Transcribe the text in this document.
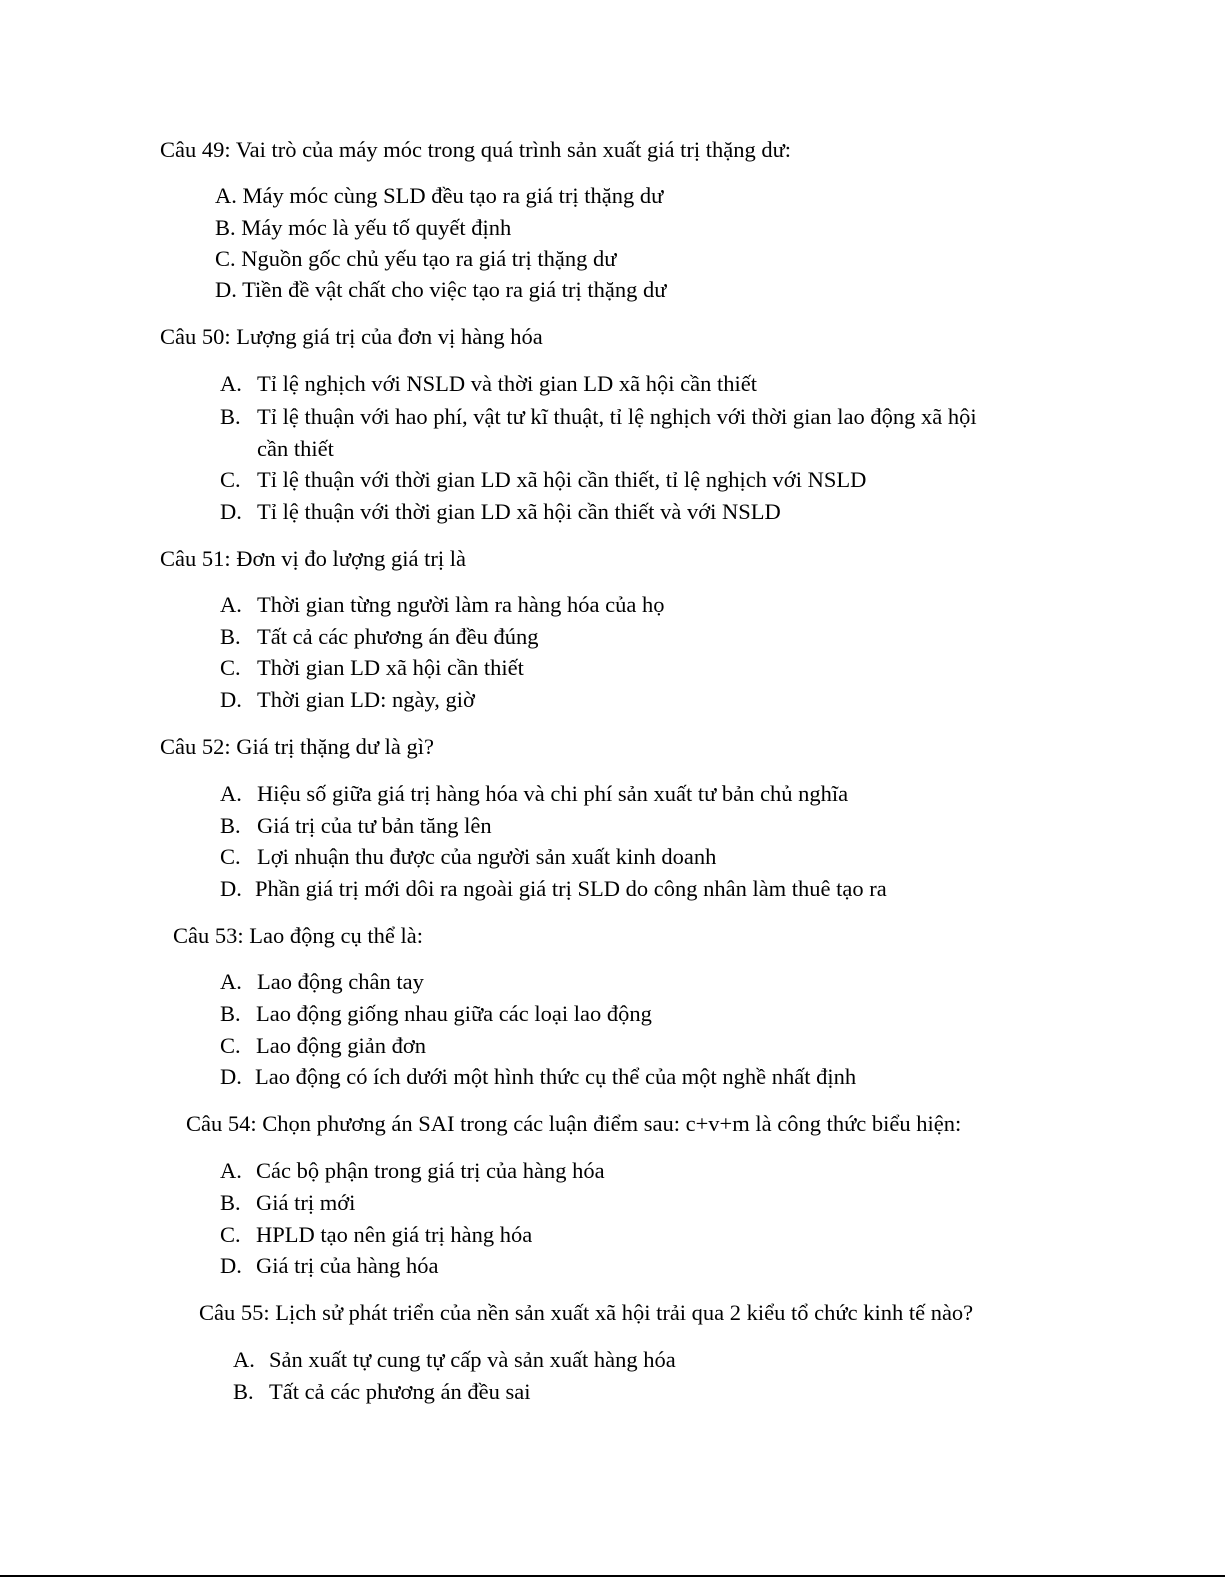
Câu 49: Vai trò của máy móc trong quá trình sản xuất giá trị thặng dư:
A. Máy móc cùng SLD đều tạo ra giá trị thặng dư
B. Máy móc là yếu tố quyết định
C. Nguồn gốc chủ yếu tạo ra giá trị thặng dư
D. Tiền đề vật chất cho việc tạo ra giá trị thặng dư
Câu 50: Lượng giá trị của đơn vị hàng hóa
A. Tỉ lệ nghịch với NSLD và thời gian LD xã hội cần thiết
B. Tỉ lệ thuận với hao phí, vật tư kĩ thuật, tỉ lệ nghịch với thời gian lao động xã hội
cần thiết
C. Tỉ lệ thuận với thời gian LD xã hội cần thiết, tỉ lệ nghịch với NSLD
D. Tỉ lệ thuận với thời gian LD xã hội cần thiết và với NSLD
Câu 51: Đơn vị đo lượng giá trị là
A. Thời gian từng người làm ra hàng hóa của họ
B. Tất cả các phương án đều đúng
C. Thời gian LD xã hội cần thiết
D. Thời gian LD: ngày, giờ
Câu 52: Giá trị thặng dư là gì?
A. Hiệu số giữa giá trị hàng hóa và chi phí sản xuất tư bản chủ nghĩa
B. Giá trị của tư bản tăng lên
C. Lợi nhuận thu được của người sản xuất kinh doanh
D. Phần giá trị mới dôi ra ngoài giá trị SLD do công nhân làm thuê tạo ra
Câu 53: Lao động cụ thể là:
A. Lao động chân tay
B. Lao động giống nhau giữa các loại lao động
C. Lao động giản đơn
D. Lao động có ích dưới một hình thức cụ thể của một nghề nhất định
Câu 54: Chọn phương án SAI trong các luận điểm sau: c+v+m là công thức biểu hiện:
A. Các bộ phận trong giá trị của hàng hóa
B. Giá trị mới
C. HPLD tạo nên giá trị hàng hóa
D. Giá trị của hàng hóa
Câu 55: Lịch sử phát triển của nền sản xuất xã hội trải qua 2 kiểu tổ chức kinh tế nào?
A. Sản xuất tự cung tự cấp và sản xuất hàng hóa
B. Tất cả các phương án đều sai
